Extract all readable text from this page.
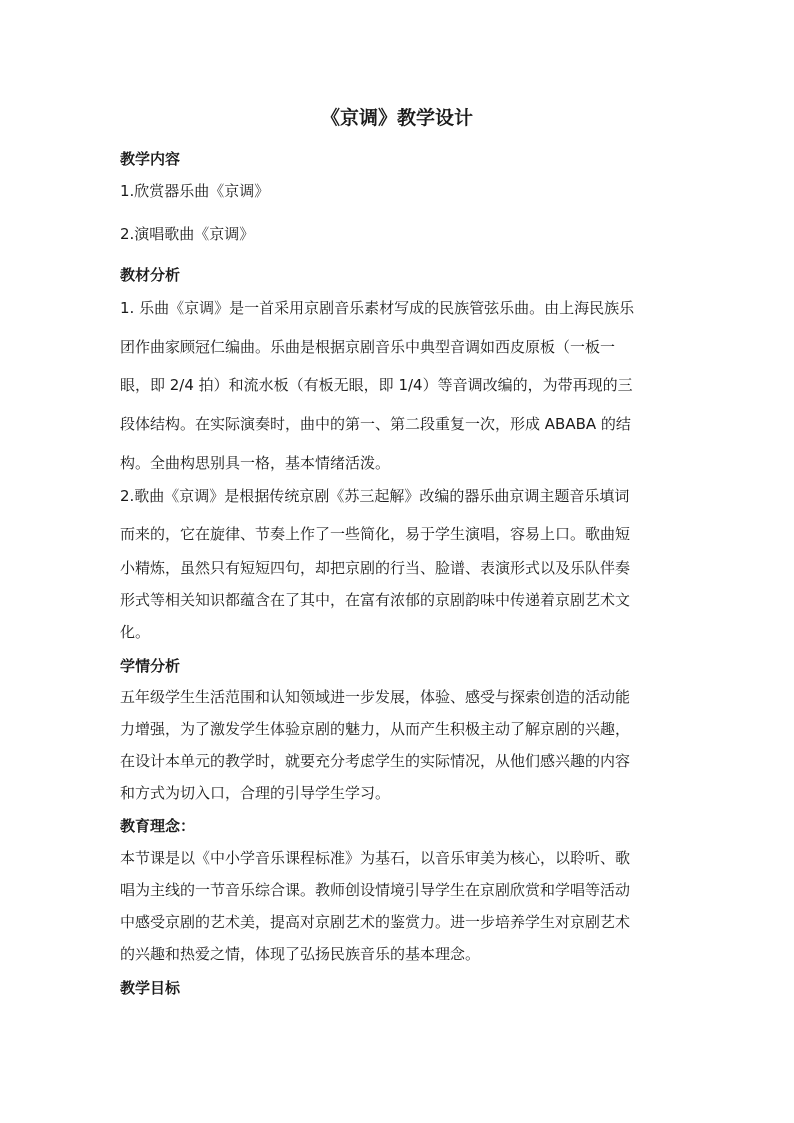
《京调》教学设计
教学内容

1.欣赏器乐曲《京调》

2.演唱歌曲《京调》

教材分析

1. 乐曲《京调》是一首采用京剧音乐素材写成的民族管弦乐曲。由上海民族乐

团作曲家顾冠仁编曲。乐曲是根据京剧音乐中典型音调如西皮原板（一板一

眼，即 2/4 拍）和流水板（有板无眼，即 1/4）等音调改编的，为带再现的三

段体结构。在实际演奏时，曲中的第一、第二段重复一次，形成 ABABA 的结

构。全曲构思别具一格，基本情绪活泼。

2.歌曲《京调》是根据传统京剧《苏三起解》改编的器乐曲京调主题音乐填词

而来的，它在旋律、节奏上作了一些简化，易于学生演唱，容易上口。歌曲短

小精炼，虽然只有短短四句，却把京剧的行当、脸谱、表演形式以及乐队伴奏

形式等相关知识都蕴含在了其中，在富有浓郁的京剧韵味中传递着京剧艺术文

化。

学情分析

五年级学生生活范围和认知领域进一步发展，体验、感受与探索创造的活动能

力增强，为了激发学生体验京剧的魅力，从而产生积极主动了解京剧的兴趣，

在设计本单元的教学时，就要充分考虑学生的实际情况，从他们感兴趣的内容

和方式为切入口，合理的引导学生学习。

教育理念：

本节课是以《中小学音乐课程标准》为基石，以音乐审美为核心，以聆听、歌

唱为主线的一节音乐综合课。教师创设情境引导学生在京剧欣赏和学唱等活动

中感受京剧的艺术美，提高对京剧艺术的鉴赏力。进一步培养学生对京剧艺术

的兴趣和热爱之情，体现了弘扬民族音乐的基本理念。

教学目标
